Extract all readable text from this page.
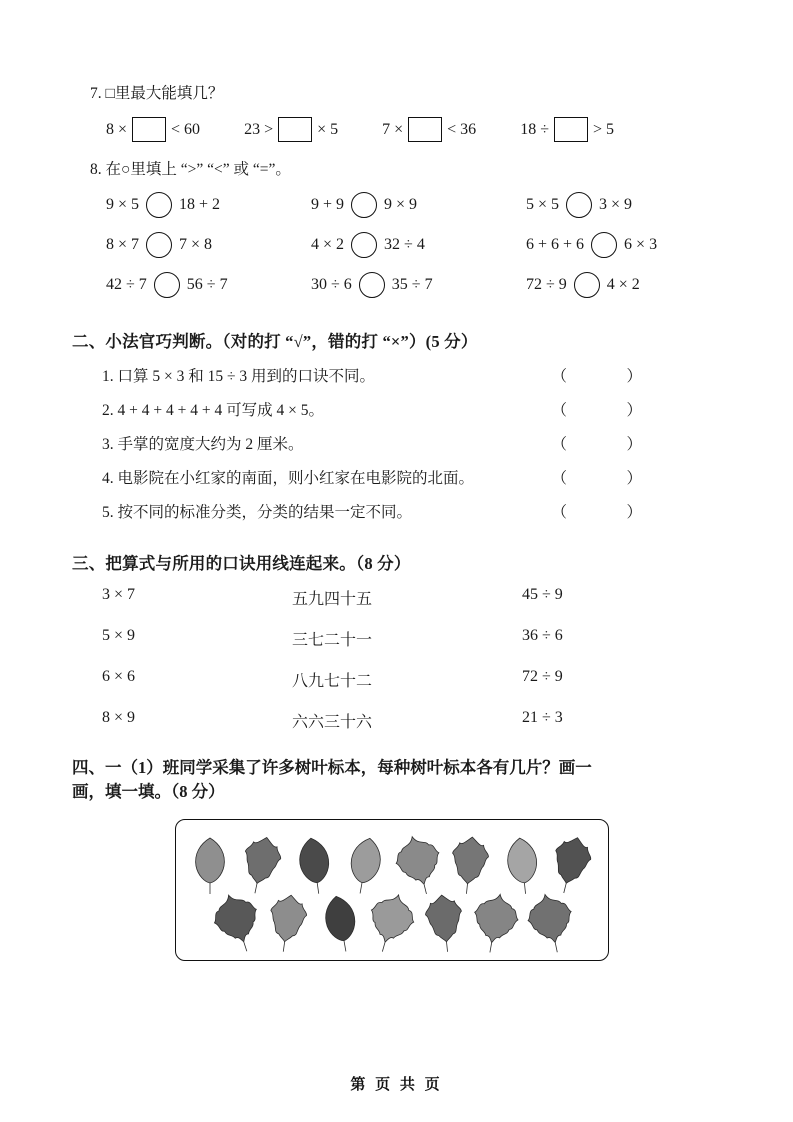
7. □里最大能填几？

8 ×	< 60	23 >	× 5	7 ×	< 36	18 ÷	> 5

8. 在○里填上 “>” “<” 或 “=”。

9 × 5	18 + 2	9 + 9	9 × 9	5 × 5	3 × 9
8 × 7	7 × 8	4 × 2	32 ÷ 4	6 + 6 + 6	6 × 3
42 ÷ 7	56 ÷ 7	30 ÷ 6	35 ÷ 7	72 ÷ 9	4 × 2

二、小法官巧判断。（对的打 “√”，错的打 “×”）(5 分）

1. 口算 5 × 3 和 15 ÷ 3 用到的口诀不同。	（　）
2. 4 + 4 + 4 + 4 + 4 可写成 4 × 5。	（　）
3. 手掌的宽度大约为 2 厘米。	（　）
4. 电影院在小红家的南面，则小红家在电影院的北面。	（　）
5. 按不同的标准分类，分类的结果一定不同。	（　）

三、把算式与所用的口诀用线连起来。（8 分）

3 × 7	五九四十五	45 ÷ 9
5 × 9	三七二十一	36 ÷ 6
6 × 6	八九七十二	72 ÷ 9
8 × 9	六六三十六	21 ÷ 3

四、一（1）班同学采集了许多树叶标本，每种树叶标本各有几片？画一

画，填一填。（8 分）

第 页 共 页
